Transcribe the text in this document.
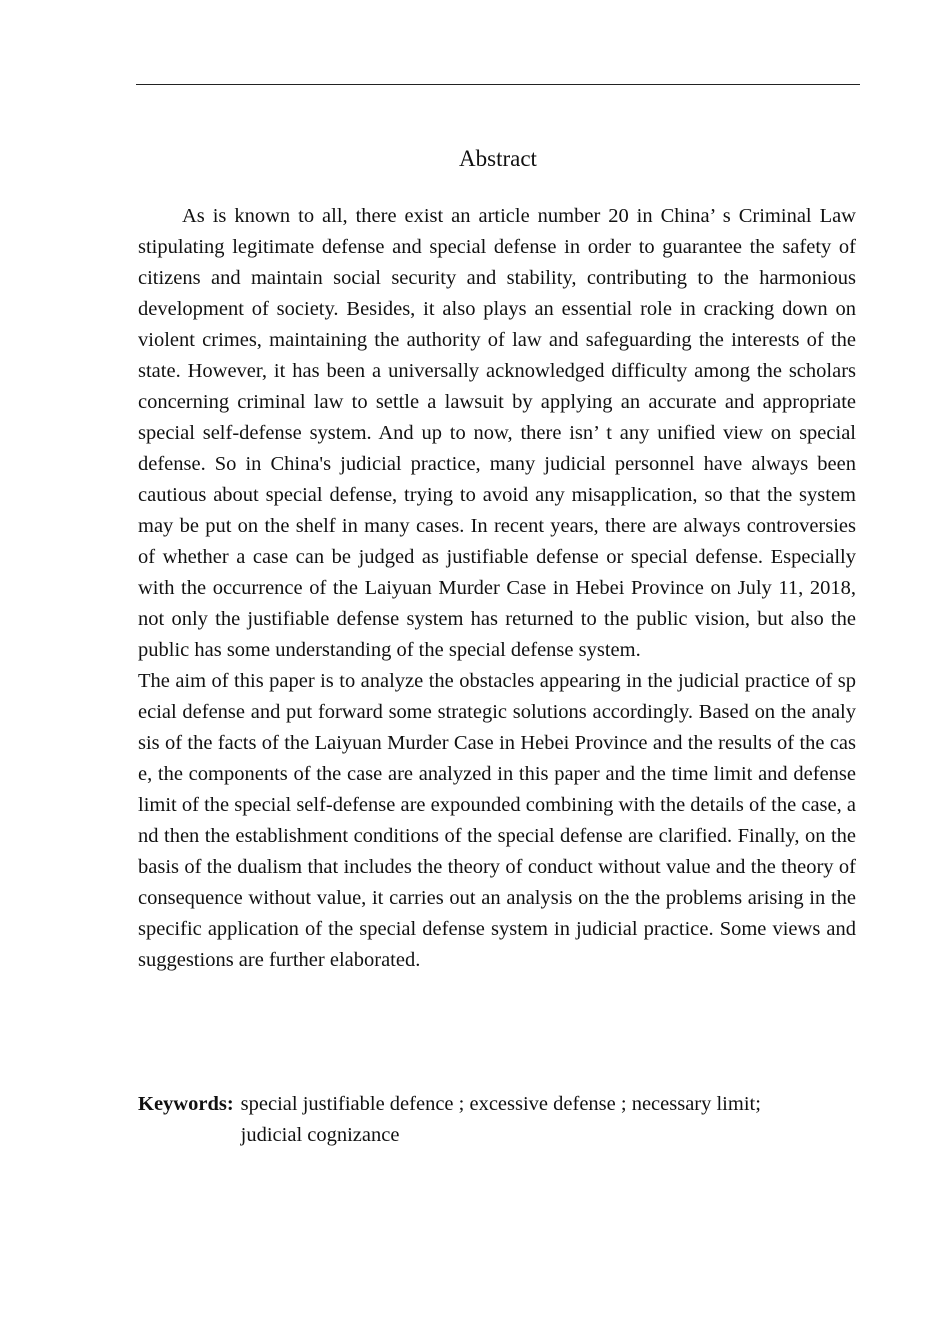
Abstract

As is known to all, there exist an article number 20 in China’ s Criminal Law stipulating legitimate defense and special defense in order to guarantee the safety of citizens and maintain social security and stability, contributing to the harmonious development of society. Besides, it also plays an essential role in cracking down on violent crimes, maintaining the authority of law and safeguarding the interests of the state. However, it has been a universally acknowledged difficulty among the scholars concerning criminal law to settle a lawsuit by applying an accurate and appropriate special self-defense system. And up to now, there isn’ t any unified view on special defense. So in China's judicial practice, many judicial personnel have always been cautious about special defense, trying to avoid any misapplication, so that the system may be put on the shelf in many cases. In recent years, there are always controversies of whether a case can be judged as justifiable defense or special defense. Especially with the occurrence of the Laiyuan Murder Case in Hebei Province on July 11, 2018, not only the justifiable defense system has returned to the public vision, but also the public has some understanding of the special defense system.

The aim of this paper is to analyze the obstacles appearing in the judicial practice of special defense and put forward some strategic solutions accordingly. Based on the analysis of the facts of the Laiyuan Murder Case in Hebei Province and the results of the case, the components of the case are analyzed in this paper and the time limit and defense limit of the special self-defense are expounded combining with the details of the case, and then the establishment conditions of the special defense are clarified. Finally, on the basis of the dualism that includes the theory of conduct without value and the theory of consequence without value, it carries out an analysis on the the problems arising in the specific application of the special defense system in judicial practice. Some views and suggestions are further elaborated.

Keywords: special justifiable defence ; excessive defense ; necessary limit; judicial cognizance
